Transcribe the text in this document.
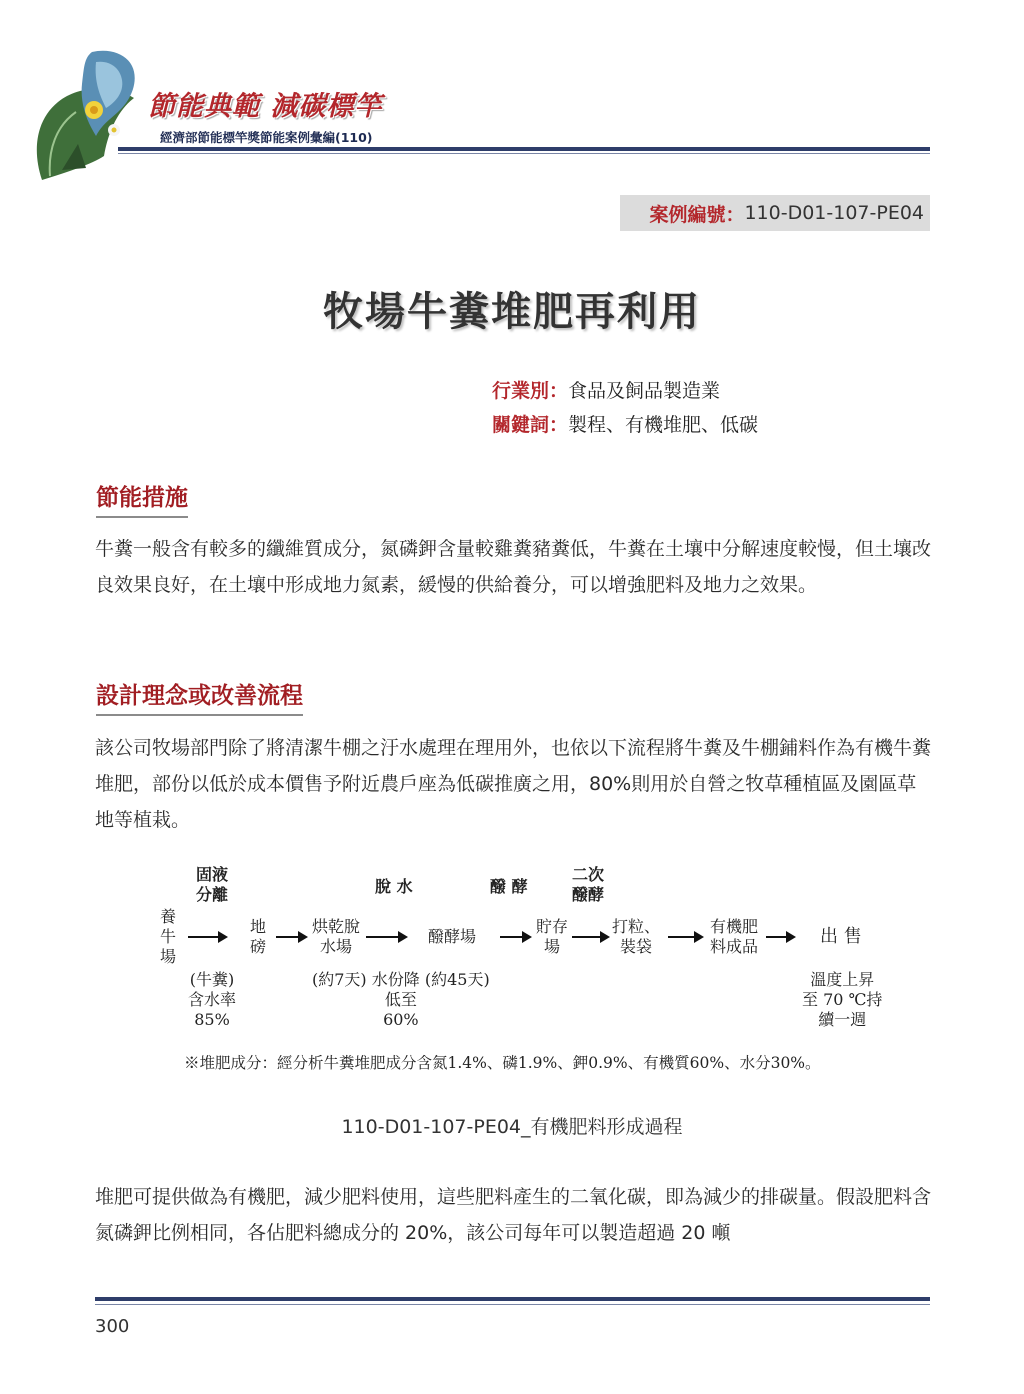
節能典範 減碳標竿
經濟部節能標竿獎節能案例彙編(110)
案例編號： 110-D01-107-PE04
牧場牛糞堆肥再利用
行業別：食品及飼品製造業
關鍵詞：製程、有機堆肥、低碳
節能措施
牛糞一般含有較多的纖維質成分，氮磷鉀含量較雞糞豬糞低，牛糞在土壤中分解速度較慢，但土壤改良效果良好，在土壤中形成地力氮素，緩慢的供給養分，可以增強肥料及地力之效果。
設計理念或改善流程
該公司牧場部門除了將清潔牛棚之汙水處理在理用外，也依以下流程將牛糞及牛棚鋪料作為有機牛糞堆肥，部份以低於成本價售予附近農戶座為低碳推廣之用，80%則用於自營之牧草種植區及園區草地等植栽。
固液
分離	脫 水	醱 酵
二次
醱酵
養
牛
場
地
磅
烘乾脫
水場
醱酵場
貯存
場
打粒、
裝袋
有機肥
料成品	出 售
(牛糞)
含水率
85%
(約7天) 水份降 (約45天)
低至
60%
溫度上昇
至 70 ℃持
續一週
※堆肥成分：經分析牛糞堆肥成分含氮1.4%、磷1.9%、鉀0.9%、有機質60%、水分30%。
110-D01-107-PE04_有機肥料形成過程
堆肥可提供做為有機肥，減少肥料使用，這些肥料產生的二氧化碳，即為減少的排碳量。假設肥料含氮磷鉀比例相同，各佔肥料總成分的 20%，該公司每年可以製造超過 20 噸
300
